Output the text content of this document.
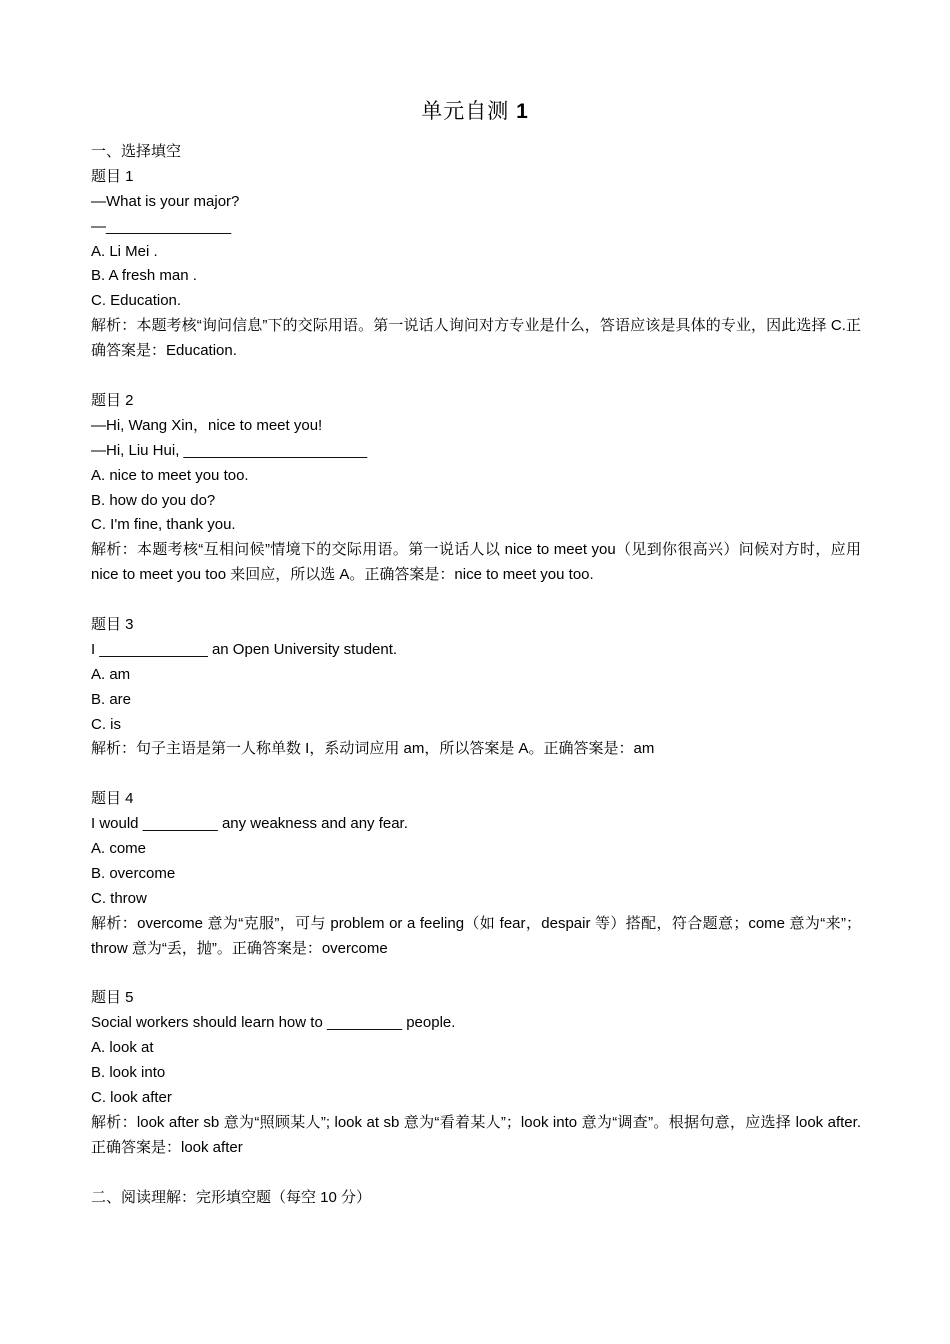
单元自测 1
一、选择填空
题目 1
—What is your major?
—_______________
A. Li Mei .
B. A fresh man .
C. Education.
解析：本题考核“询问信息”下的交际用语。第一说话人询问对方专业是什么，答语应该是具体的专业，因此选择 C.正确答案是：Education.
题目 2
—Hi, Wang Xin，nice to meet you!
—Hi, Liu Hui, ______________________
A. nice to meet you too.
B. how do you do?
C. I'm fine, thank you.
解析：本题考核“互相问候”情境下的交际用语。第一说话人以 nice to meet you（见到你很高兴）问候对方时，应用 nice to meet you too 来回应，所以选 A。正确答案是：nice to meet you too.
题目 3
I _____________ an Open University student.
A. am
B. are
C. is
解析：句子主语是第一人称单数 I，系动词应用 am，所以答案是 A。正确答案是：am
题目 4
I would _________ any weakness and any fear.
A. come
B. overcome
C. throw
解析：overcome 意为“克服”，可与 problem or a feeling（如 fear，despair 等）搭配，符合题意；come 意为“来”；throw 意为“丢，抛”。正确答案是：overcome
题目 5
Social workers should learn how to _________ people.
A. look at
B. look into
C. look after
解析：look after sb 意为“照顾某人”; look at sb 意为“看着某人”；look into 意为“调查”。根据句意，应选择 look after.正确答案是：look after
二、阅读理解：完形填空题（每空 10 分）
